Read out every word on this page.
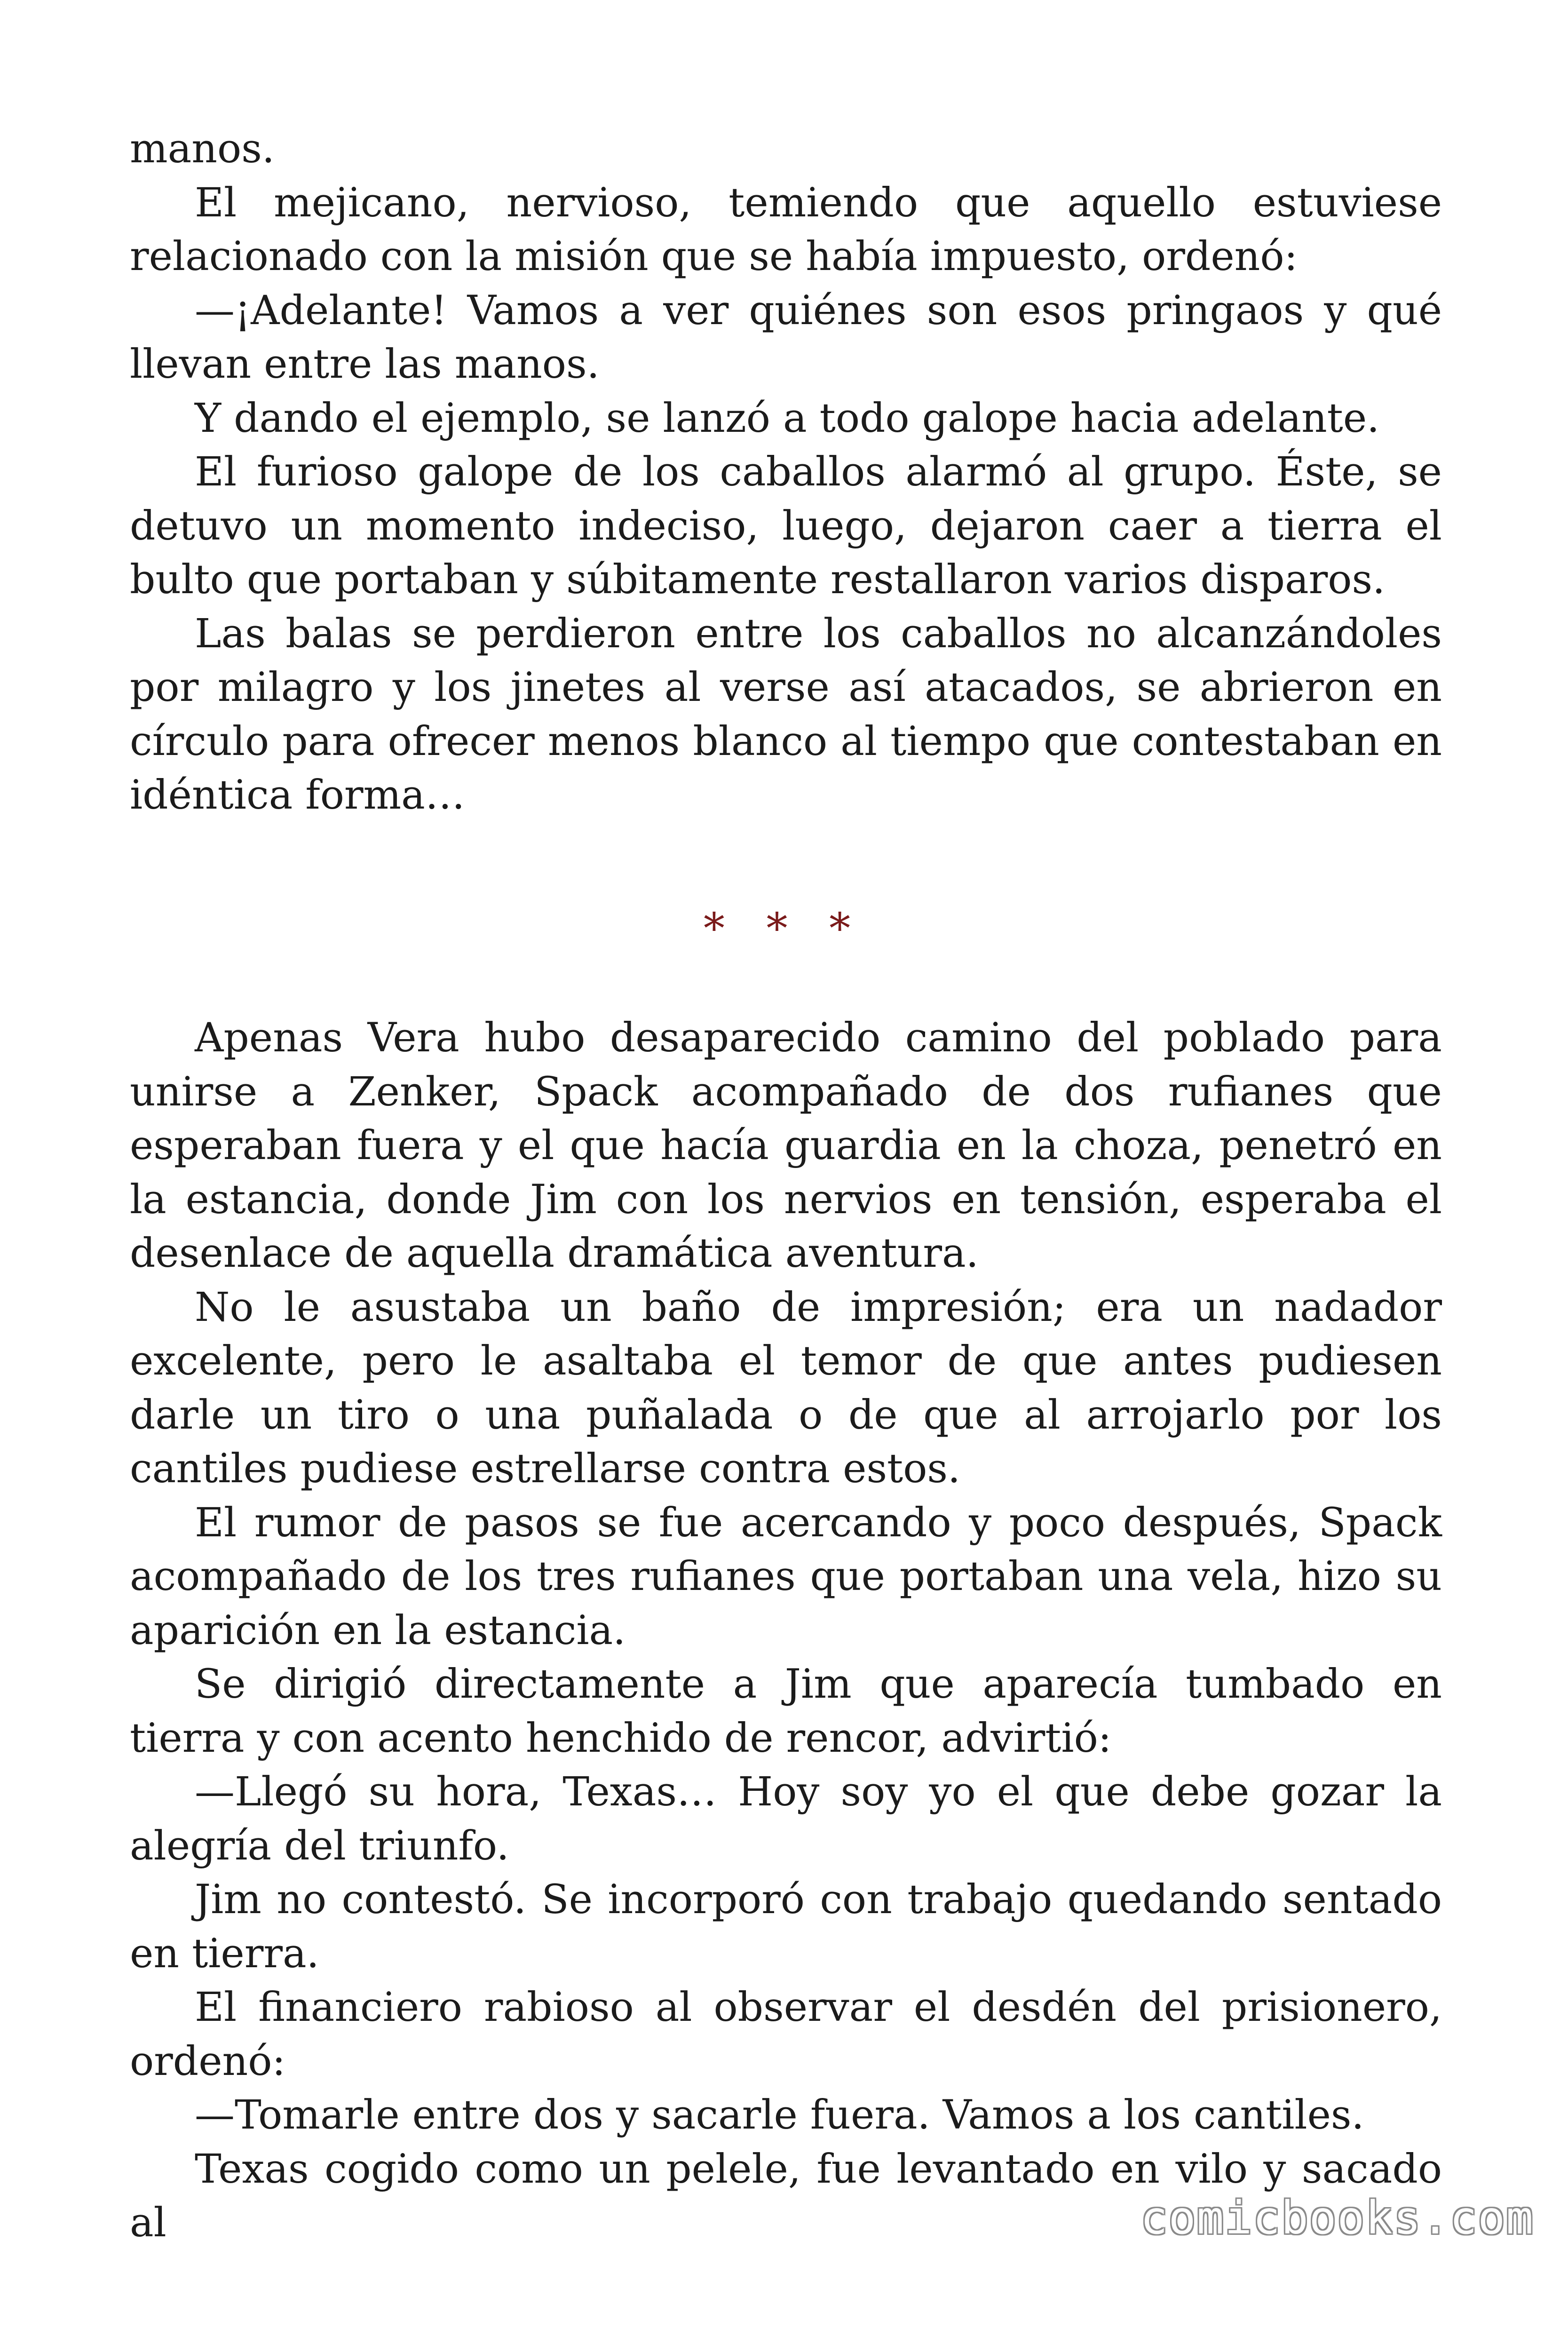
manos.

El mejicano, nervioso, temiendo que aquello estuviese relacionado con la misión que se había impuesto, ordenó:

—¡Adelante! Vamos a ver quiénes son esos pringaos y qué llevan entre las manos.

Y dando el ejemplo, se lanzó a todo galope hacia adelante.

El furioso galope de los caballos alarmó al grupo. Éste, se detuvo un momento indeciso, luego, dejaron caer a tierra el bulto que portaban y súbitamente restallaron varios disparos.

Las balas se perdieron entre los caballos no alcanzándoles por milagro y los jinetes al verse así atacados, se abrieron en círculo para ofrecer menos blanco al tiempo que contestaban en idéntica forma…

* * *

Apenas Vera hubo desaparecido camino del poblado para unirse a Zenker, Spack acompañado de dos rufianes que esperaban fuera y el que hacía guardia en la choza, penetró en la estancia, donde Jim con los nervios en tensión, esperaba el desenlace de aquella dramática aventura.

No le asustaba un baño de impresión; era un nadador excelente, pero le asaltaba el temor de que antes pudiesen darle un tiro o una puñalada o de que al arrojarlo por los cantiles pudiese estrellarse contra estos.

El rumor de pasos se fue acercando y poco después, Spack acompañado de los tres rufianes que portaban una vela, hizo su aparición en la estancia.

Se dirigió directamente a Jim que aparecía tumbado en tierra y con acento henchido de rencor, advirtió:

—Llegó su hora, Texas… Hoy soy yo el que debe gozar la alegría del triunfo.

Jim no contestó. Se incorporó con trabajo quedando sentado en tierra.

El financiero rabioso al observar el desdén del prisionero, ordenó:

—Tomarle entre dos y sacarle fuera. Vamos a los cantiles.

Texas cogido como un pelele, fue levantado en vilo y sacado al	comicbooks.com
